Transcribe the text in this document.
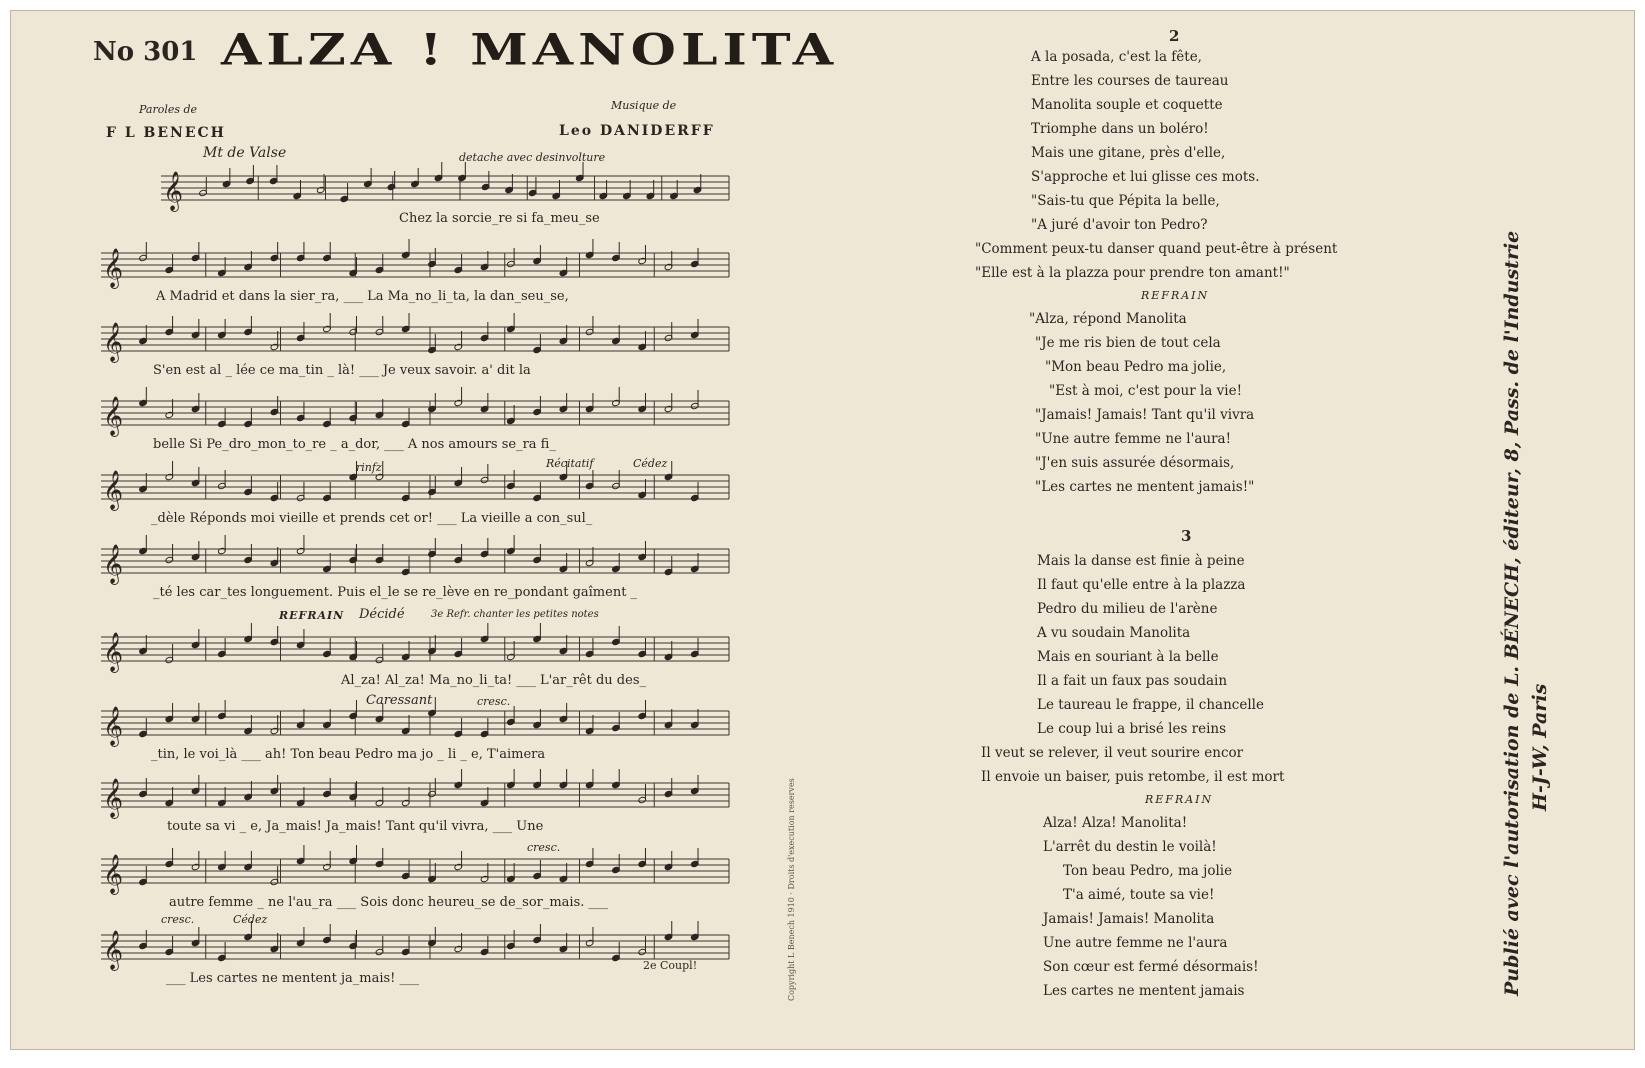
No 301 ALZA ! MANOLITA
Paroles de
F L BENECH
Musique de
Leo DANIDERFF
Mt de Valse	detache avec desinvolture
rinfz	Récitatif	Cédez
REFRAIN Décidé	3e Refr. chanter les petites notes
Caressant	cresc.
cresc.
cresc.	Cédez
2e Coupl!
𝄞
𝄞
𝄞
𝄞
𝄞
𝄞
𝄞
𝄞
𝄞
𝄞
𝄞
Chez la sorcie_re si fa_meu_se
A Madrid et dans la sier_ra, ___ La Ma_no_li_ta, la dan_seu_se,
S'en est al _ lée ce ma_tin _ là! ___ Je veux savoir. a' dit la
belle Si Pe_dro_mon_to_re _ a_dor, ___ A nos amours se_ra fi_
_dèle Réponds moi vieille et prends cet or! ___ La vieille a con_sul_
_té les car_tes longuement. Puis el_le se re_lève en re_pondant gaîment _
Al_za! Al_za! Ma_no_li_ta! ___ L'ar_rêt du des_
_tin, le voi_là ___ ah! Ton beau Pedro ma jo _ li _ e, T'aimera
toute sa vi _ e, Ja_mais! Ja_mais! Tant qu'il vivra, ___ Une
autre femme _ ne l'au_ra ___ Sois donc heureu_se de_sor_mais. ___
___ Les cartes ne mentent ja_mais! ___	Copyright L Benech 1910 · Droits d'execution reserves
2
A la posada, c'est la fête,
Entre les courses de taureau
Manolita souple et coquette
Triomphe dans un boléro!
Mais une gitane, près d'elle,
S'approche et lui glisse ces mots.
"Sais-tu que Pépita la belle,
"A juré d'avoir ton Pedro?
"Comment peux-tu danser quand peut-être à présent
"Elle est à la plazza pour prendre ton amant!"
REFRAIN
"Alza, répond Manolita
"Je me ris bien de tout cela
"Mon beau Pedro ma jolie,
"Est à moi, c'est pour la vie!
"Jamais! Jamais! Tant qu'il vivra
"Une autre femme ne l'aura!
"J'en suis assurée désormais,
"Les cartes ne mentent jamais!"
3
Mais la danse est finie à peine
Il faut qu'elle entre à la plazza
Pedro du milieu de l'arène
A vu soudain Manolita
Mais en souriant à la belle
Il a fait un faux pas soudain
Le taureau le frappe, il chancelle
Le coup lui a brisé les reins
Il veut se relever, il veut sourire encor
Il envoie un baiser, puis retombe, il est mort
REFRAIN
Alza! Alza! Manolita!
L'arrêt du destin le voilà!
Ton beau Pedro, ma jolie
T'a aimé, toute sa vie!
Jamais! Jamais! Manolita
Une autre femme ne l'aura
Son cœur est fermé désormais!
Les cartes ne mentent jamais	Publié avec l'autorisation de L. BÉNECH, éditeur, 8, Pass. de l'Industrie H-J-W, Paris
